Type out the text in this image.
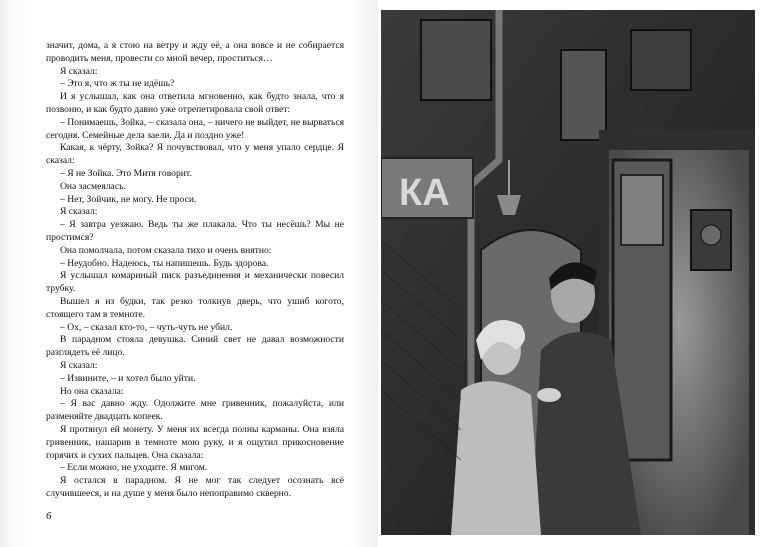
значит, дома, а я стою на ветру и жду её, а она вовсе и не собирается проводить меня, провести со мной вечер, проститься…

Я сказал:

– Это я, что ж ты не идёшь?

И я услышал, как она ответила мгновенно, как будто знала, что я позвоню, и как будто давно уже отрепетировала свой ответ:

– Понимаешь, Зойка, – сказала она, – ничего не выйдет, не вырваться сегодня. Семейные дела заели. Да и поздно уже!

Какая, к чёрту, Зойка? Я почувствовал, что у меня упало сердце. Я сказал:

– Я не Зойка. Это Митя говорит.

Она засмеялась.

– Нет, Зойчик, не могу. Не проси.

Я сказал:

– Я завтра уезжаю. Ведь ты же плакала. Что ты несёшь? Мы не простимся?

Она помолчала, потом сказала тихо и очень внятно:

– Неудобно. Надеюсь, ты напишешь. Будь здорова.

Я услышал комариный писк разъединения и механически повесил трубку.

Вышел я из будки, так резко толкнув дверь, что ушиб когото, стоящего там в темноте.

– Ох, – сказал кто-то, – чуть-чуть не убил.

В парадном стояла девушка. Синий свет не давал возможности разглядеть её лицо.

Я сказал:

– Извините, – и хотел было уйти.

Но она сказала:

– Я вас давно жду. Одолжите мне гривенник, пожалуйста, или разменяйте двадцать копеек.

Я протянул ей монету. У меня их всегда полны карманы. Она взяла гривенник, нашарив в темноте мою руку, и я ощутил прикосновение горячих и сухих пальцев. Она сказала:

– Если можно, не уходите. Я мигом.

Я остался в парадном. Я не мог так следует осознать всё случившееся, и на душе у меня было непоправимо скверно.

6
КА
